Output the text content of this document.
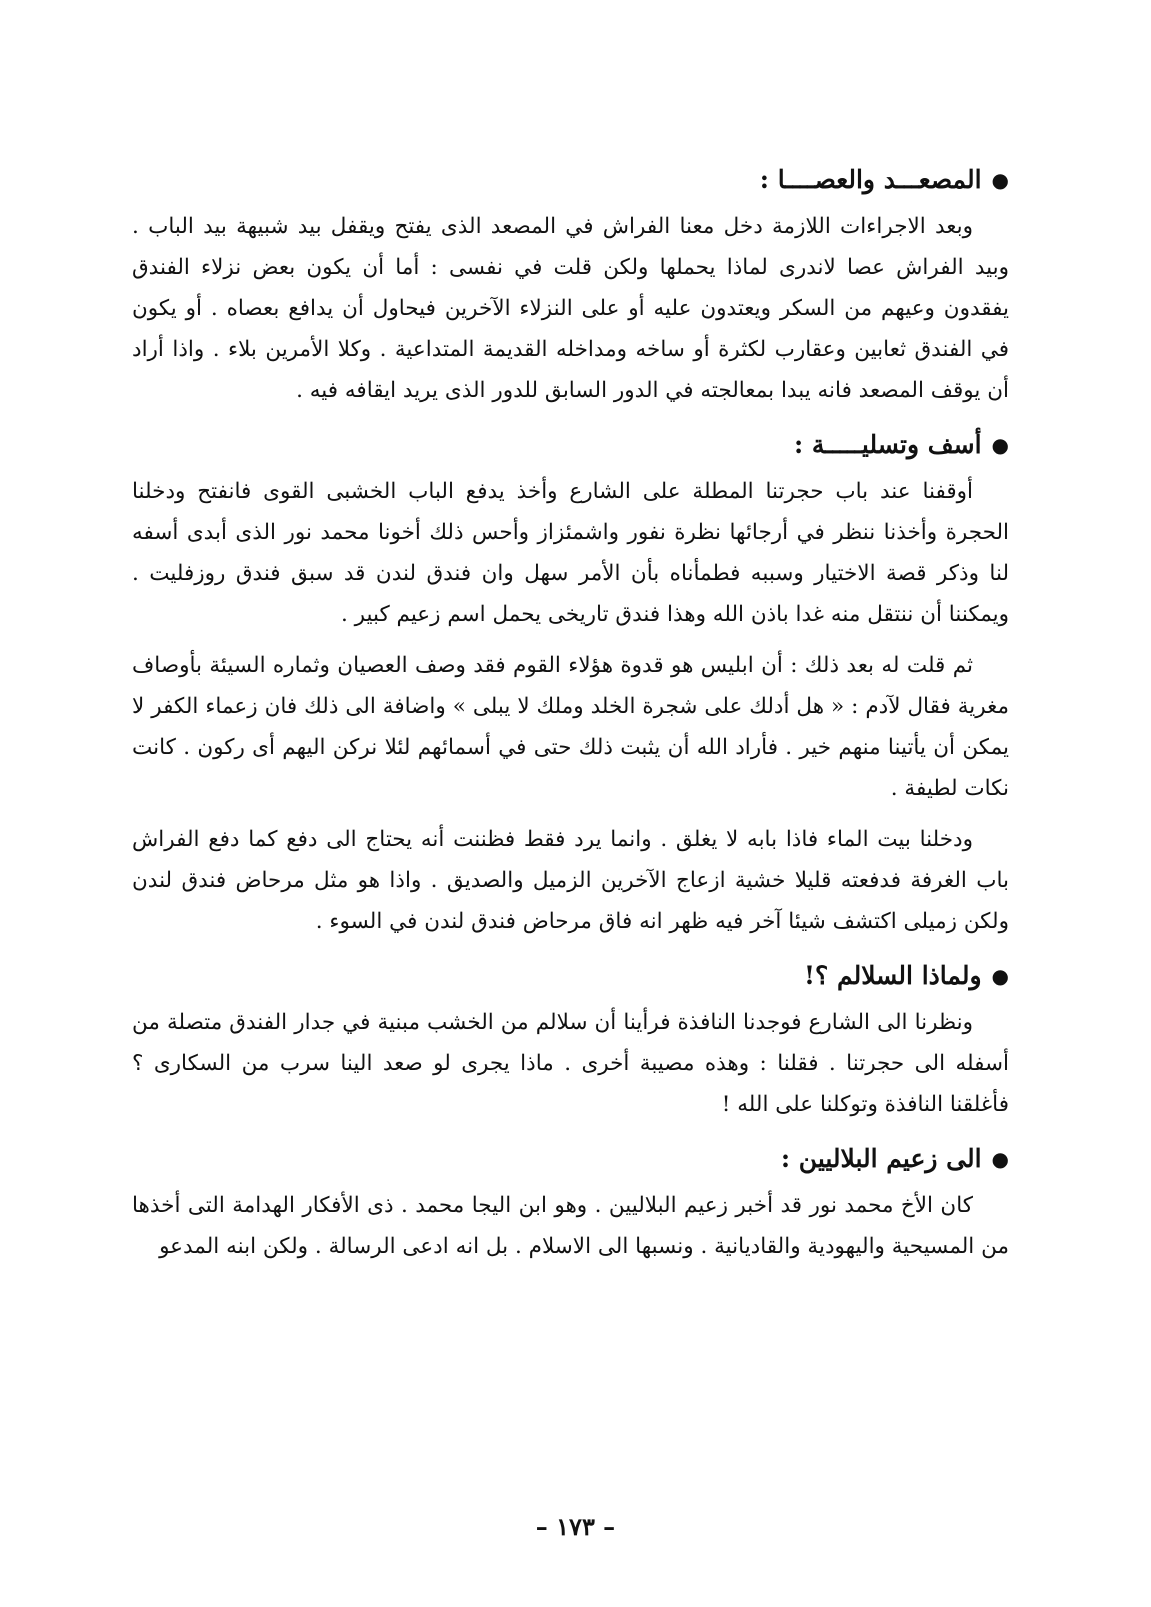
●
المصعـــد والعصــــا :

وبعد الاجراءات اللازمة دخل معنا الفراش في المصعد الذى يفتح ويقفل بيد شبيهة بيد الباب . وبيد الفراش عصا لاندرى لماذا يحملها ولكن قلت في نفسى : أما أن يكون بعض نزلاء الفندق يفقدون وعيهم من السكر ويعتدون عليه أو على النزلاء الآخرين فيحاول أن يدافع بعصاه . أو يكون في الفندق ثعابين وعقارب لكثرة أو ساخه ومداخله القديمة المتداعية . وكلا الأمرين بلاء . واذا أراد أن يوقف المصعد فانه يبدا بمعالجته في الدور السابق للدور الذى يريد ايقافه فيه .

●
أسف وتسليـــــة :

أوقفنا عند باب حجرتنا المطلة على الشارع وأخذ يدفع الباب الخشبى القوى فانفتح ودخلنا الحجرة وأخذنا ننظر في أرجائها نظرة نفور واشمئزاز وأحس ذلك أخونا محمد نور الذى أبدى أسفه لنا وذكر قصة الاختيار وسببه فطمأناه بأن الأمر سهل وان فندق لندن قد سبق فندق روزفليت . ويمكننا أن ننتقل منه غدا باذن الله وهذا فندق تاريخى يحمل اسم زعيم كبير .

ثم قلت له بعد ذلك : أن ابليس هو قدوة هؤلاء القوم فقد وصف العصيان وثماره السيئة بأوصاف مغرية فقال لآدم : « هل أدلك على شجرة الخلد وملك لا يبلى » واضافة الى ذلك فان زعماء الكفر لا يمكن أن يأتينا منهم خير . فأراد الله أن يثبت ذلك حتى في أسمائهم لئلا نركن اليهم أى ركون . كانت نكات لطيفة .

ودخلنا بيت الماء فاذا بابه لا يغلق . وانما يرد فقط فظننت أنه يحتاج الى دفع كما دفع الفراش باب الغرفة فدفعته قليلا خشية ازعاج الآخرين الزميل والصديق . واذا هو مثل مرحاض فندق لندن ولكن زميلى اكتشف شيئا آخر فيه ظهر انه فاق مرحاض فندق لندن في السوء .

●
ولماذا السلالم ؟!

ونظرنا الى الشارع فوجدنا النافذة فرأينا أن سلالم من الخشب مبنية في جدار الفندق متصلة من أسفله الى حجرتنا . فقلنا : وهذه مصيبة أخرى . ماذا يجرى لو صعد الينا سرب من السكارى ؟ فأغلقنا النافذة وتوكلنا على الله !

●
الى زعيم البلاليين :

كان الأخ محمد نور قد أخبر زعيم البلاليين . وهو ابن اليجا محمد . ذى الأفكار الهدامة التى أخذها من المسيحية واليهودية والقاديانية . ونسبها الى الاسلام . بل انه ادعى الرسالة . ولكن ابنه المدعو

– ١٧٣ –
